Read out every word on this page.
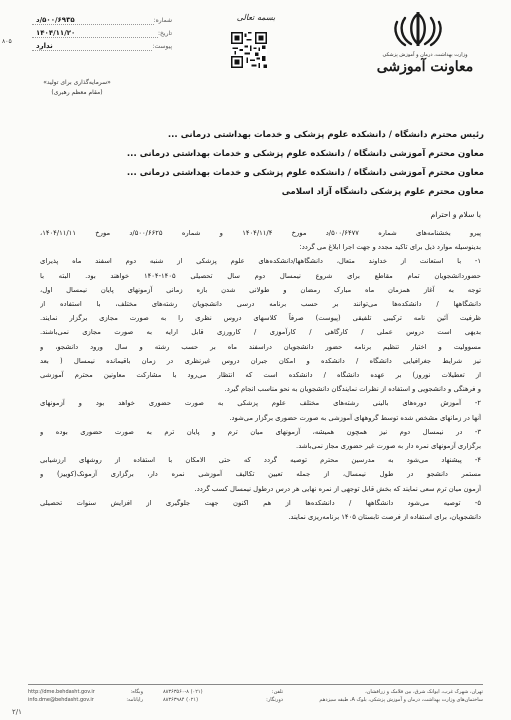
وزارت بهداشت، درمان و آموزش پزشکی
معاونت آموزشی
بسمه تعالی
شماره:
۵۰۰/۶۹۳۵/د
تاریخ:
۱۴۰۴/۱۱/۲۰
پیوست:
ندارد
۸۰۵
«سرمایه‌گذاری برای تولید»
(مقام معظم رهبری)
رئیس محترم دانشگاه / دانشکده علوم پزشکی و خدمات بهداشتی درمانی ...
معاون محترم آموزشی دانشگاه / دانشکده علوم پزشکی و خدمات بهداشتی درمانی ...
معاون محترم آموزشی دانشگاه / دانشکده علوم پزشکی و خدمات بهداشتی درمانی ...
معاون محترم علوم پزشکی دانشگاه آزاد اسلامی
با سلام و احترام
پیرو بخشنامه‌های شماره ۵۰۰/۶۴۷۷/د مورخ ۱۴۰۴/۱۱/۴ و شماره ۵۰۰/۶۶۲۵/د مورخ ۱۴۰۴/۱۱/۱۱،
بدینوسیله موارد ذیل برای تاکید مجدد و جهت اجرا ابلاغ می گردد:
۱- با استعانت از خداوند متعال، دانشگاهها/دانشکده‌های علوم پزشکی از شنبه دوم اسفند ماه پذیرای
حضوردانشجویان تمام مقاطع برای شروع نیمسال دوم سال تحصیلی ۱۴۰۵-۱۴۰۴ خواهند بود. البته با
توجه به آغاز همزمان ماه مبارک رمضان و طولانی شدن بازه زمانی آزمونهای پایان نیمسال اول،
دانشگاهها / دانشکده‌ها می‌توانند بر حسب برنامه درسی دانشجویان رشته‌های مختلف، با استفاده از
ظرفیت آئین نامه ترکیبی تلفیقی (پیوست) صرفاً کلاسهای دروس نظری را به صورت مجازی برگزار نمایند.
بدیهی است دروس عملی / کارگاهی / کارآموزی / کارورزی قابل ارایه به صورت مجازی نمی‌باشند.
مسوولیت و اختیار تنظیم برنامه حضور دانشجویان دراسفند ماه بر حسب رشته و سال ورود دانشجو، و
نیز شرایط جغرافیایی دانشگاه / دانشکده و امکان جبران دروس غیرنظری در زمان باقیمانده نیمسال ( بعد
از تعطیلات نوروز) بر عهده دانشگاه / دانشکده است که انتظار می‌رود با مشارکت معاونین محترم آموزشی
و فرهنگی و دانشجویی و استفاده از نظرات نمایندگان دانشجویان به نحو مناسب انجام گیرد.
۲- آموزش دوره‌های بالینی رشته‌های مختلف علوم پزشکی به صورت حضوری خواهد بود و آزمونهای
آنها در زمانهای مشخص شده توسط گروههای آموزشی به صورت حضوری برگزار می‌شود.
۳- در نیمسال دوم نیز همچون همیشه، آزمونهای میان ترم و پایان ترم به صورت حضوری بوده و
برگزاری آزمونهای نمره دار به صورت غیر حضوری مجاز نمی‌باشد.
۴- پیشنهاد می‌شود به مدرسین محترم توصیه گردد که حتی الامکان با استفاده از روشهای ارزشیابی
مستمر دانشجو در طول نیمسال، از جمله تعیین تکالیف آموزشی نمره دار، برگزاری آزمونک(کوییز) و
آزمون میان ترم سعی نمایند که بخش قابل توجهی از نمره نهایی هر درس درطول نیمسال کسب گردد.
۵- توصیه می‌شود دانشگاهها / دانشکده‌ها از هم اکنون جهت جلوگیری از افزایش سنوات تحصیلی
دانشجویان، برای استفاده از فرصت تابستان ۱۴۰۵ برنامه‌ریزی نمایند.
تهران، شهرک غرب، ایوانک شرق، بین فلامک و زرافشان،
ساختمان‌های وزارت بهداشت، درمان و آموزش پزشکی، بلوک A، طبقه سیزدهم
تلفن:
(۰۲۱) ۸۸۳۶۳۵۶۰-۸
دورنگار:
(۰۲۱) ۸۸۳۶۳۹۸۴
وبگاه:
http://dme.behdasht.gov.ir
رایانامه:
info.dme@behdasht.gov.ir
۲/۱
